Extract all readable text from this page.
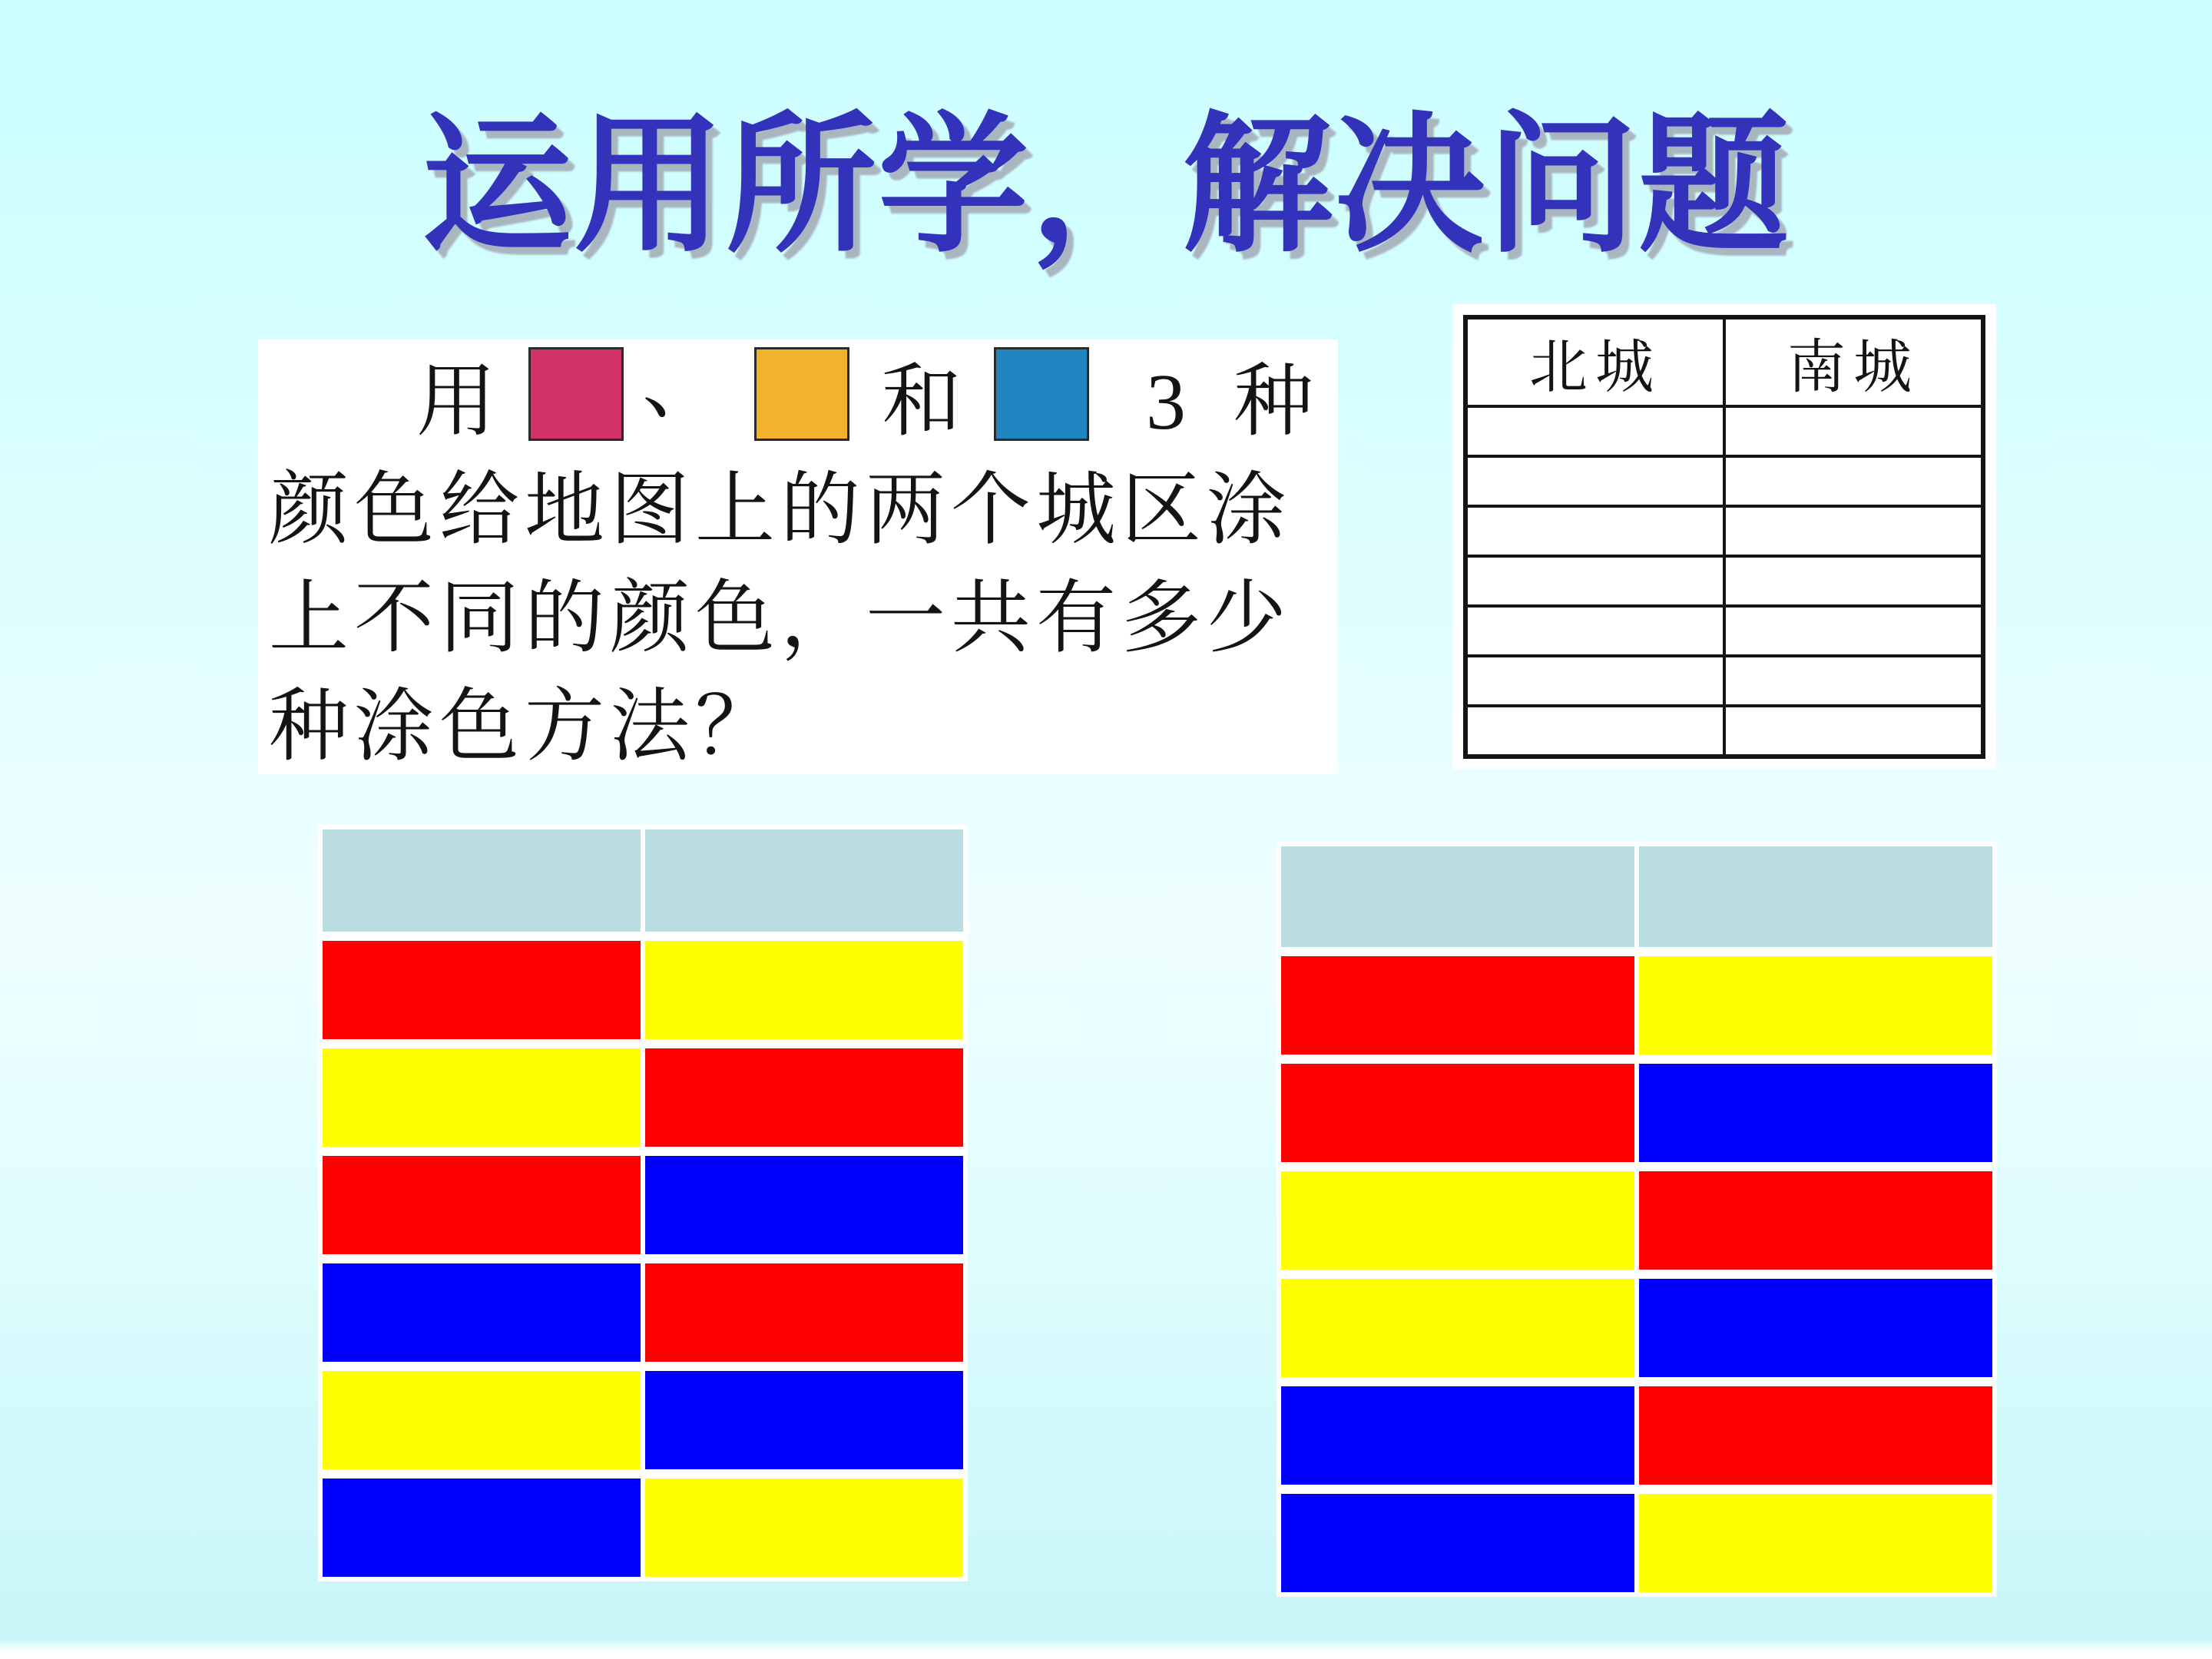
运用所学，解决问题
用 、 和 3 种
颜色给地图上的两个城区涂
上不同的颜色，一共有多少
种涂色方法？
北城	南城
